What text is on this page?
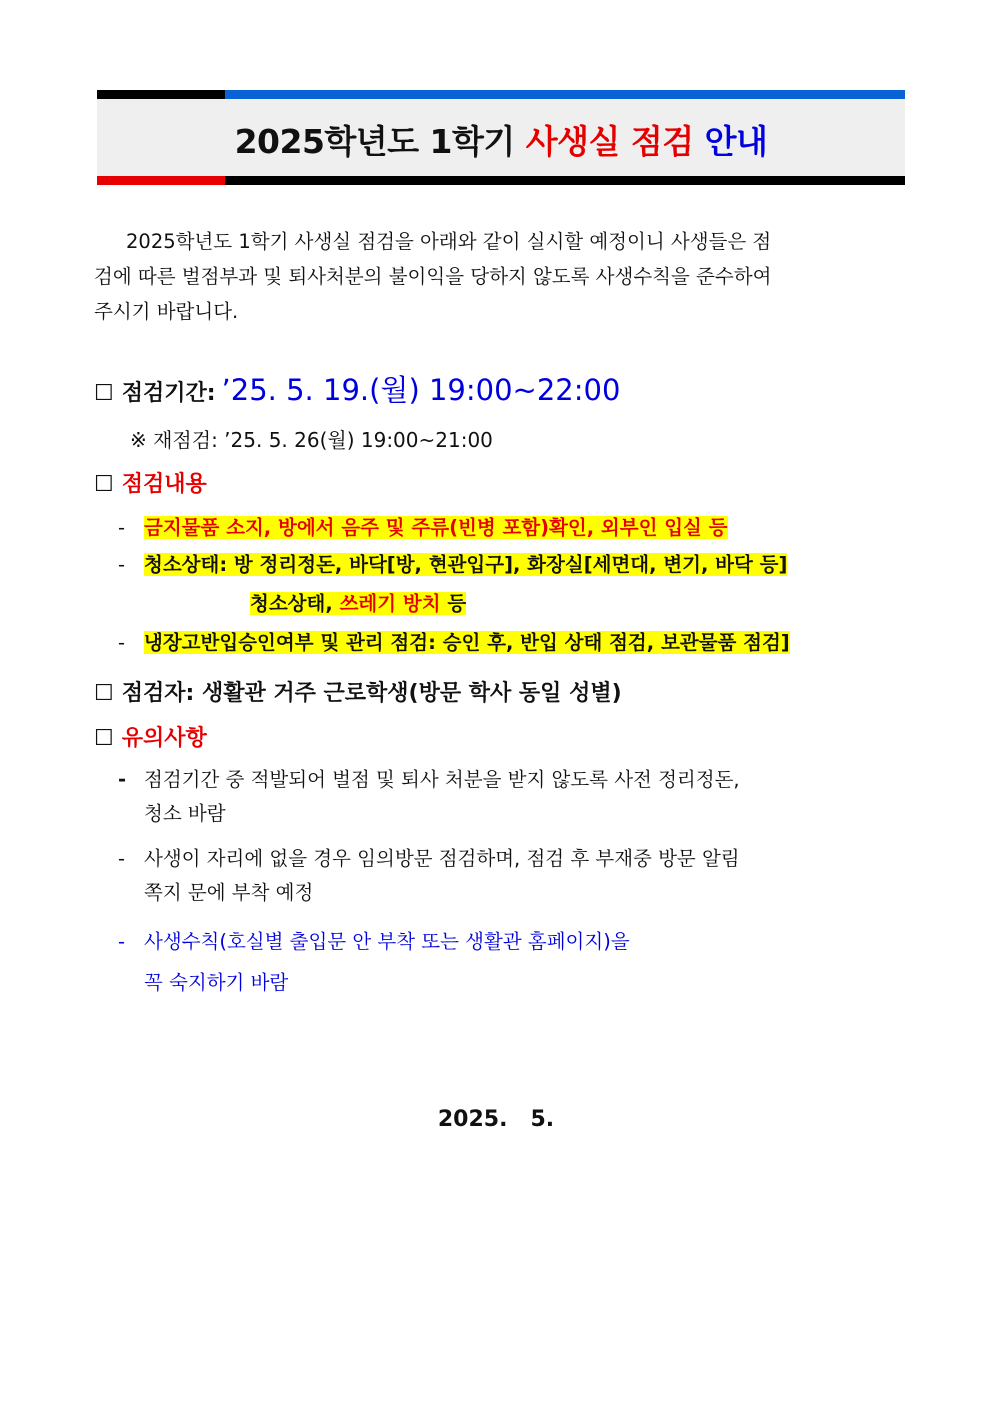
2025학년도 1학기 사생실 점검 안내
2025학년도 1학기 사생실 점검을 아래와 같이 실시할 예정이니 사생들은 점
검에 따른 벌점부과 및 퇴사처분의 불이익을 당하지 않도록 사생수칙을 준수하여
주시기 바랍니다.
☐ 점검기간: ’25. 5. 19.(월) 19:00~22:00
※ 재점검: ’25. 5. 26(월) 19:00~21:00
☐ 점검내용
- 금지물품 소지, 방에서 음주 및 주류(빈병 포함)확인, 외부인 입실 등
- 청소상태: 방 정리정돈, 바닥[방, 현관입구], 화장실[세면대, 변기, 바닥 등]
청소상태, 쓰레기 방치 등
- 냉장고반입승인여부 및 관리 점검: 승인 후, 반입 상태 점검, 보관물품 점검]
☐ 점검자: 생활관 거주 근로학생(방문 학사 동일 성별)
☐ 유의사항
- 점검기간 중 적발되어 벌점 및 퇴사 처분을 받지 않도록 사전 정리정돈,
청소 바람
- 사생이 자리에 없을 경우 임의방문 점검하며, 점검 후 부재중 방문 알림
쪽지 문에 부착 예정
- 사생수칙(호실별 출입문 안 부착 또는 생활관 홈페이지)을
꼭 숙지하기 바람
2025.   5.
